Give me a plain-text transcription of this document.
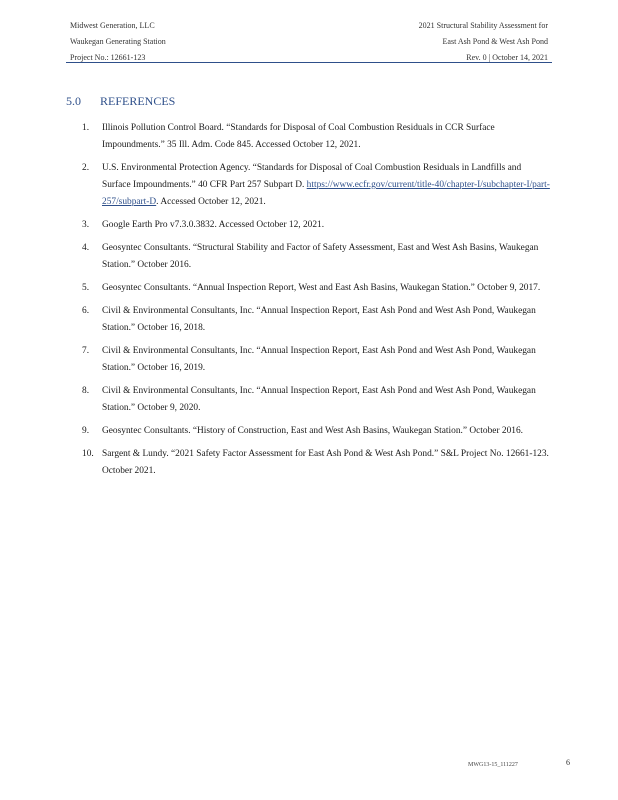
Midwest Generation, LLC
Waukegan Generating Station
Project No.: 12661-123
2021 Structural Stability Assessment for
East Ash Pond & West Ash Pond
Rev. 0 | October 14, 2021
5.0 REFERENCES
1. Illinois Pollution Control Board. “Standards for Disposal of Coal Combustion Residuals in CCR Surface Impoundments.” 35 Ill. Adm. Code 845. Accessed October 12, 2021.
2. U.S. Environmental Protection Agency. “Standards for Disposal of Coal Combustion Residuals in Landfills and Surface Impoundments.” 40 CFR Part 257 Subpart D. https://www.ecfr.gov/current/title-40/chapter-I/subchapter-I/part-257/subpart-D. Accessed October 12, 2021.
3. Google Earth Pro v7.3.0.3832. Accessed October 12, 2021.
4. Geosyntec Consultants. “Structural Stability and Factor of Safety Assessment, East and West Ash Basins, Waukegan Station.” October 2016.
5. Geosyntec Consultants. “Annual Inspection Report, West and East Ash Basins, Waukegan Station.” October 9, 2017.
6. Civil & Environmental Consultants, Inc. “Annual Inspection Report, East Ash Pond and West Ash Pond, Waukegan Station.” October 16, 2018.
7. Civil & Environmental Consultants, Inc. “Annual Inspection Report, East Ash Pond and West Ash Pond, Waukegan Station.” October 16, 2019.
8. Civil & Environmental Consultants, Inc. “Annual Inspection Report, East Ash Pond and West Ash Pond, Waukegan Station.” October 9, 2020.
9. Geosyntec Consultants. “History of Construction, East and West Ash Basins, Waukegan Station.” October 2016.
10. Sargent & Lundy. “2021 Safety Factor Assessment for East Ash Pond & West Ash Pond.” S&L Project No. 12661-123. October 2021.
MWG13-15_111227	6
